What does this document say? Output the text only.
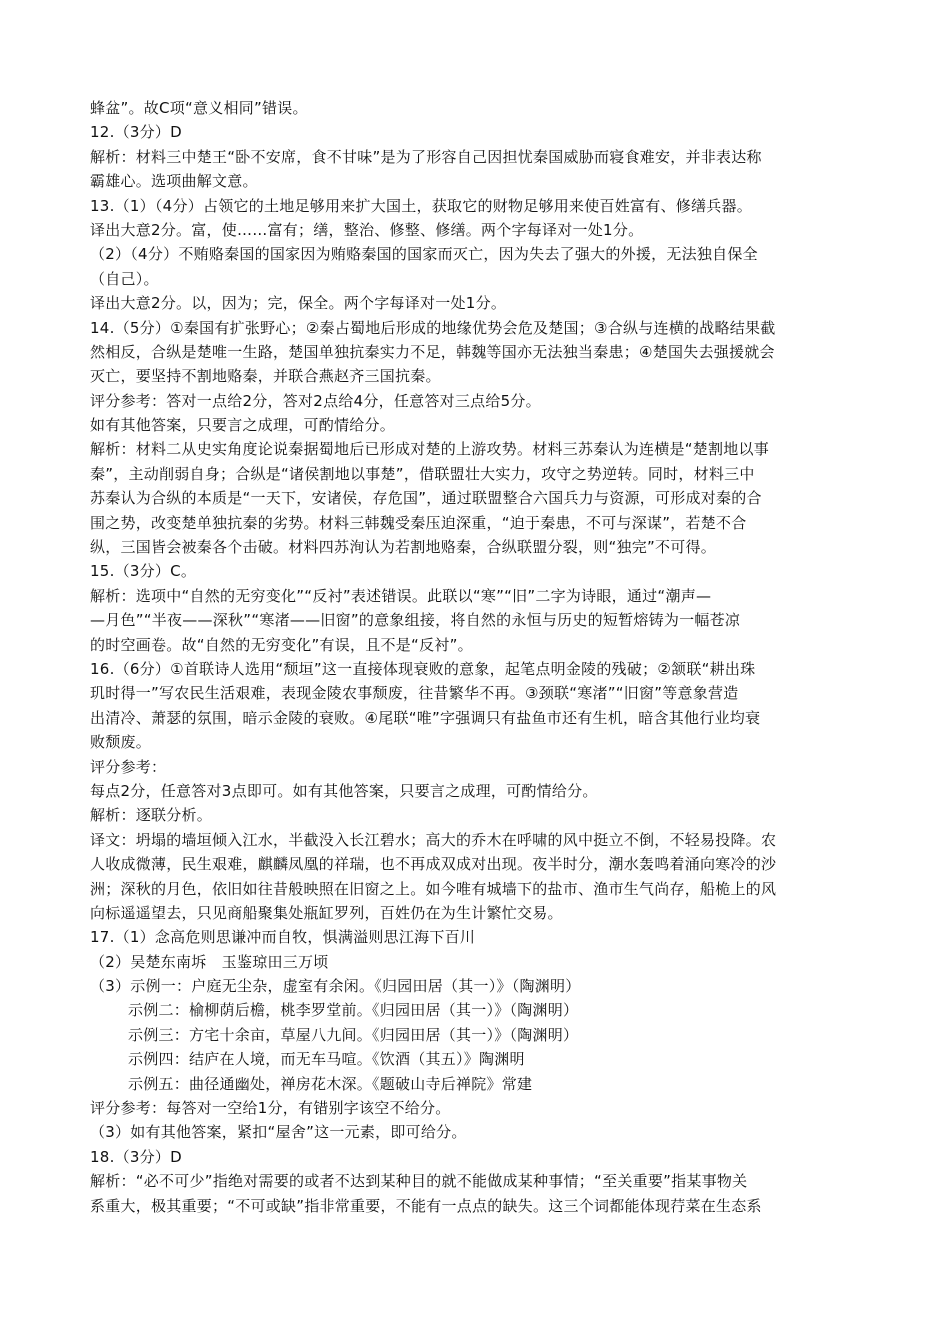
蜂盆”。故C项“意义相同”错误。
12.（3分）D
解析：材料三中楚王“卧不安席，食不甘味”是为了形容自己因担忧秦国威胁而寝食难安，并非表达称
霸雄心。选项曲解文意。
13.（1）（4分）占领它的土地足够用来扩大国土，获取它的财物足够用来使百姓富有、修缮兵器。
译出大意2分。富，使……富有；缮，整治、修整、修缮。两个字每译对一处1分。
（2）（4分）不贿赂秦国的国家因为贿赂秦国的国家而灭亡，因为失去了强大的外援，无法独自保全
（自己）。
译出大意2分。以，因为；完，保全。两个字每译对一处1分。
14.（5分）①秦国有扩张野心；②秦占蜀地后形成的地缘优势会危及楚国；③合纵与连横的战略结果截
然相反，合纵是楚唯一生路，楚国单独抗秦实力不足，韩魏等国亦无法独当秦患；④楚国失去强援就会
灭亡，要坚持不割地赂秦，并联合燕赵齐三国抗秦。
评分参考：答对一点给2分，答对2点给4分，任意答对三点给5分。
如有其他答案，只要言之成理，可酌情给分。
解析：材料二从史实角度论说秦据蜀地后已形成对楚的上游攻势。材料三苏秦认为连横是“楚割地以事
秦”，主动削弱自身；合纵是“诸侯割地以事楚”，借联盟壮大实力，攻守之势逆转。同时，材料三中
苏秦认为合纵的本质是“一天下，安诸侯，存危国”，通过联盟整合六国兵力与资源，可形成对秦的合
围之势，改变楚单独抗秦的劣势。材料三韩魏受秦压迫深重，“迫于秦患，不可与深谋”，若楚不合
纵，三国皆会被秦各个击破。材料四苏洵认为若割地赂秦，合纵联盟分裂，则“独完”不可得。
15.（3分）C。
解析：选项中“自然的无穷变化”“反衬”表述错误。此联以“寒”“旧”二字为诗眼，通过“潮声—
—月色”“半夜——深秋”“寒渚——旧窗”的意象组接，将自然的永恒与历史的短暂熔铸为一幅苍凉
的时空画卷。故“自然的无穷变化”有误，且不是“反衬”。
16.（6分）①首联诗人选用“颓垣”这一直接体现衰败的意象，起笔点明金陵的残破；②颔联“耕出珠
玑时得一”写农民生活艰难，表现金陵农事颓废，往昔繁华不再。③颈联“寒渚”“旧窗”等意象营造
出清冷、萧瑟的氛围，暗示金陵的衰败。④尾联“唯”字强调只有盐鱼市还有生机，暗含其他行业均衰
败颓废。
评分参考：
每点2分，任意答对3点即可。如有其他答案，只要言之成理，可酌情给分。
解析：逐联分析。
译文：坍塌的墙垣倾入江水，半截没入长江碧水；高大的乔木在呼啸的风中挺立不倒，不轻易投降。农
人收成微薄，民生艰难，麒麟凤凰的祥瑞，也不再成双成对出现。夜半时分，潮水轰鸣着涌向寒冷的沙
洲；深秋的月色，依旧如往昔般映照在旧窗之上。如今唯有城墙下的盐市、渔市生气尚存，船桅上的风
向标遥遥望去，只见商船聚集处瓶缸罗列，百姓仍在为生计繁忙交易。
17.（1）念高危则思谦冲而自牧，惧满溢则思江海下百川
（2）吴楚东南坼　玉鉴琼田三万顷
（3）示例一：户庭无尘杂，虚室有余闲。《归园田居（其一）》（陶渊明）
示例二：榆柳荫后檐，桃李罗堂前。《归园田居（其一）》（陶渊明）
示例三：方宅十余亩，草屋八九间。《归园田居（其一）》（陶渊明）
示例四：结庐在人境，而无车马喧。《饮酒（其五）》陶渊明
示例五：曲径通幽处，禅房花木深。《题破山寺后禅院》常建
评分参考：每答对一空给1分，有错别字该空不给分。
（3）如有其他答案，紧扣“屋舍”这一元素，即可给分。
18.（3分）D
解析：“必不可少”指绝对需要的或者不达到某种目的就不能做成某种事情；“至关重要”指某事物关
系重大，极其重要；“不可或缺”指非常重要，不能有一点点的缺失。这三个词都能体现荇菜在生态系
